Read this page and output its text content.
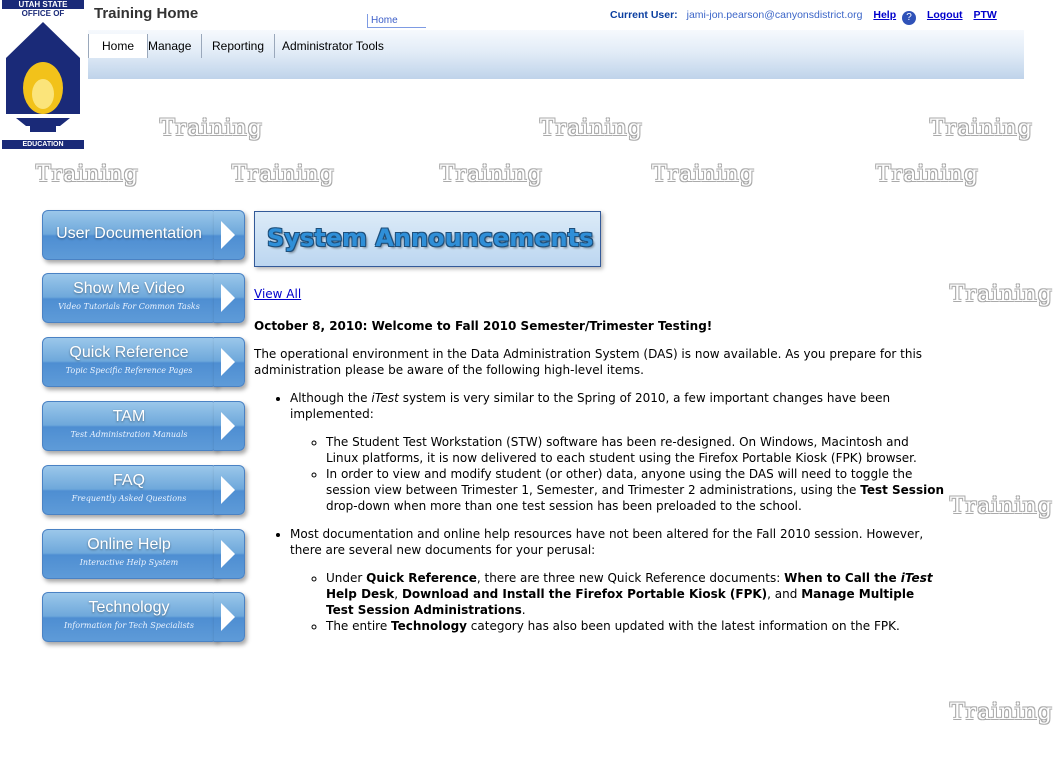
UTAH STATE
OFFICE OF
EDUCATION
Training Home	Home	Current User: jami-jon.pearson@canyonsdistrict.org Help ? Logout PTW
Home	Manage	Reporting	Administrator Tools
Training	Training	Training
Training	Training	Training	Training	Training
Training
Training
Training
User Documentation
Show Me Video
Video Tutorials For Common Tasks
Quick Reference
Topic Specific Reference Pages
TAM
Test Administration Manuals
FAQ
Frequently Asked Questions
Online Help
Interactive Help System
Technology
Information for Tech Specialists
System Announcements
View All
October 8, 2010: Welcome to Fall 2010 Semester/Trimester Testing!
The operational environment in the Data Administration System (DAS) is now available. As you prepare for this administration please be aware of the following high-level items.
• Although the iTest system is very similar to the Spring of 2010, a few important changes have been implemented:
◦ The Student Test Workstation (STW) software has been re-designed. On Windows, Macintosh and Linux platforms, it is now delivered to each student using the Firefox Portable Kiosk (FPK) browser.
◦ In order to view and modify student (or other) data, anyone using the DAS will need to toggle the session view between Trimester 1, Semester, and Trimester 2 administrations, using the Test Session drop-down when more than one test session has been preloaded to the school.
• Most documentation and online help resources have not been altered for the Fall 2010 session. However, there are several new documents for your perusal:
◦ Under Quick Reference, there are three new Quick Reference documents: When to Call the iTest Help Desk, Download and Install the Firefox Portable Kiosk (FPK), and Manage Multiple Test Session Administrations.
◦ The entire Technology category has also been updated with the latest information on the FPK.
